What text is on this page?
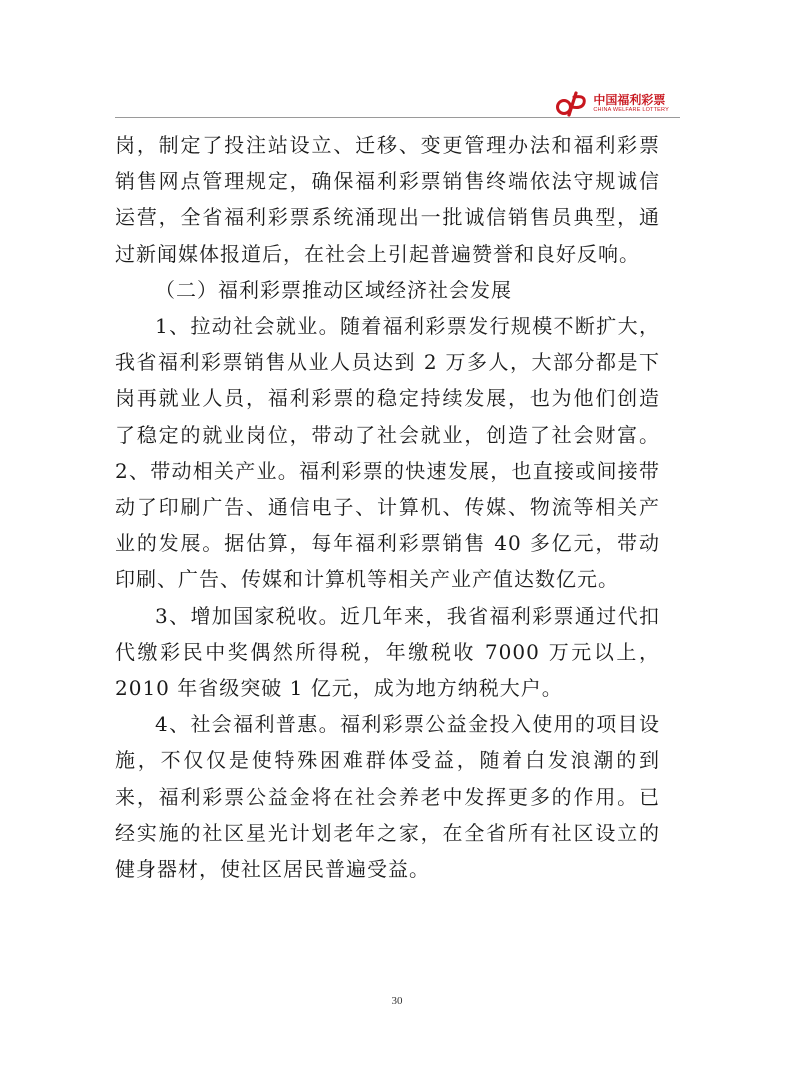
中国福利彩票
CHINA WELFARE LOTTERY

岗，制定了投注站设立、迁移、变更管理办法和福利彩票销售网点管理规定，确保福利彩票销售终端依法守规诚信运营，全省福利彩票系统涌现出一批诚信销售员典型，通过新闻媒体报道后，在社会上引起普遍赞誉和良好反响。

（二）福利彩票推动区域经济社会发展

1、拉动社会就业。随着福利彩票发行规模不断扩大，我省福利彩票销售从业人员达到 2 万多人，大部分都是下岗再就业人员，福利彩票的稳定持续发展，也为他们创造了稳定的就业岗位，带动了社会就业，创造了社会财富。2、带动相关产业。福利彩票的快速发展，也直接或间接带动了印刷广告、通信电子、计算机、传媒、物流等相关产业的发展。据估算，每年福利彩票销售 40 多亿元，带动印刷、广告、传媒和计算机等相关产业产值达数亿元。

3、增加国家税收。近几年来，我省福利彩票通过代扣代缴彩民中奖偶然所得税，年缴税收 7000 万元以上，2010 年省级突破 1 亿元，成为地方纳税大户。

4、社会福利普惠。福利彩票公益金投入使用的项目设施，不仅仅是使特殊困难群体受益，随着白发浪潮的到来，福利彩票公益金将在社会养老中发挥更多的作用。已经实施的社区星光计划老年之家，在全省所有社区设立的健身器材，使社区居民普遍受益。

30
